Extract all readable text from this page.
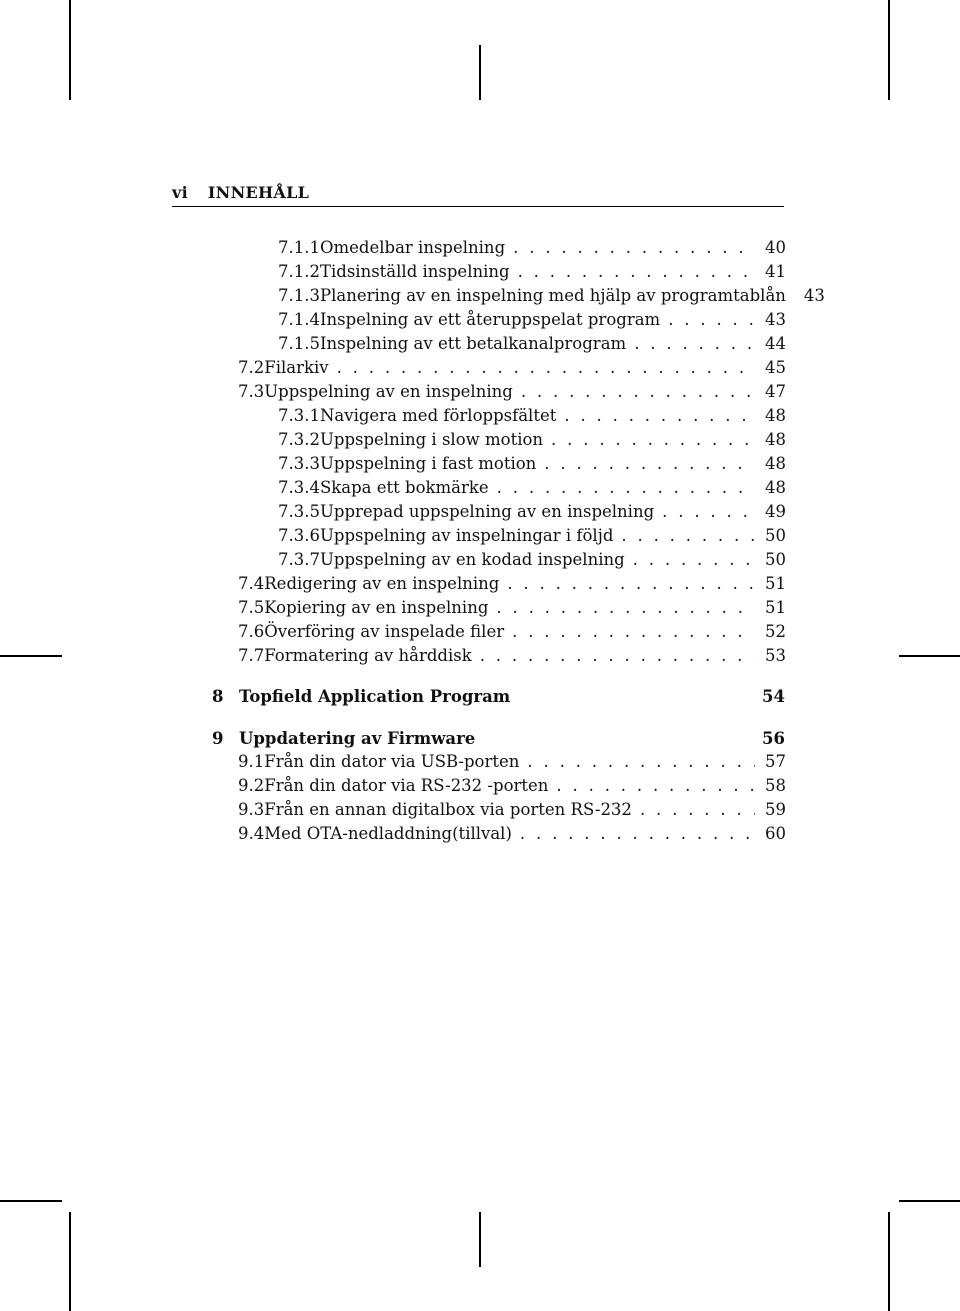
vi INNEHÅLL
7.1.1 Omedelbar inspelning . . .	40
7.1.2 Tidsinställd inspelning . . .	41
7.1.3 Planering av en inspelning med hjälp av programtablån 43
7.1.4 Inspelning av ett återuppspelat program . . .	43
7.1.5 Inspelning av ett betalkanalprogram . . .	44
7.2 Filarkiv . . .	45
7.3 Uppspelning av en inspelning . . .	47
7.3.1 Navigera med förloppsfältet . . .	48
7.3.2 Uppspelning i slow motion . . .	48
7.3.3 Uppspelning i fast motion . . .	48
7.3.4 Skapa ett bokmärke . . .	48
7.3.5 Upprepad uppspelning av en inspelning . . .	49
7.3.6 Uppspelning av inspelningar i följd . . .	50
7.3.7 Uppspelning av en kodad inspelning . . .	50
7.4 Redigering av en inspelning . . .	51
7.5 Kopiering av en inspelning . . .	51
7.6 Överföring av inspelade filer . . .	52
7.7 Formatering av hårddisk . . .	53
8 Topfield Application Program	54
9 Uppdatering av Firmware	56
9.1 Från din dator via USB-porten . . .	57
9.2 Från din dator via RS-232 -porten . . .	58
9.3 Från en annan digitalbox via porten RS-232 . . .	59
9.4 Med OTA-nedladdning(tillval) . . .	60
